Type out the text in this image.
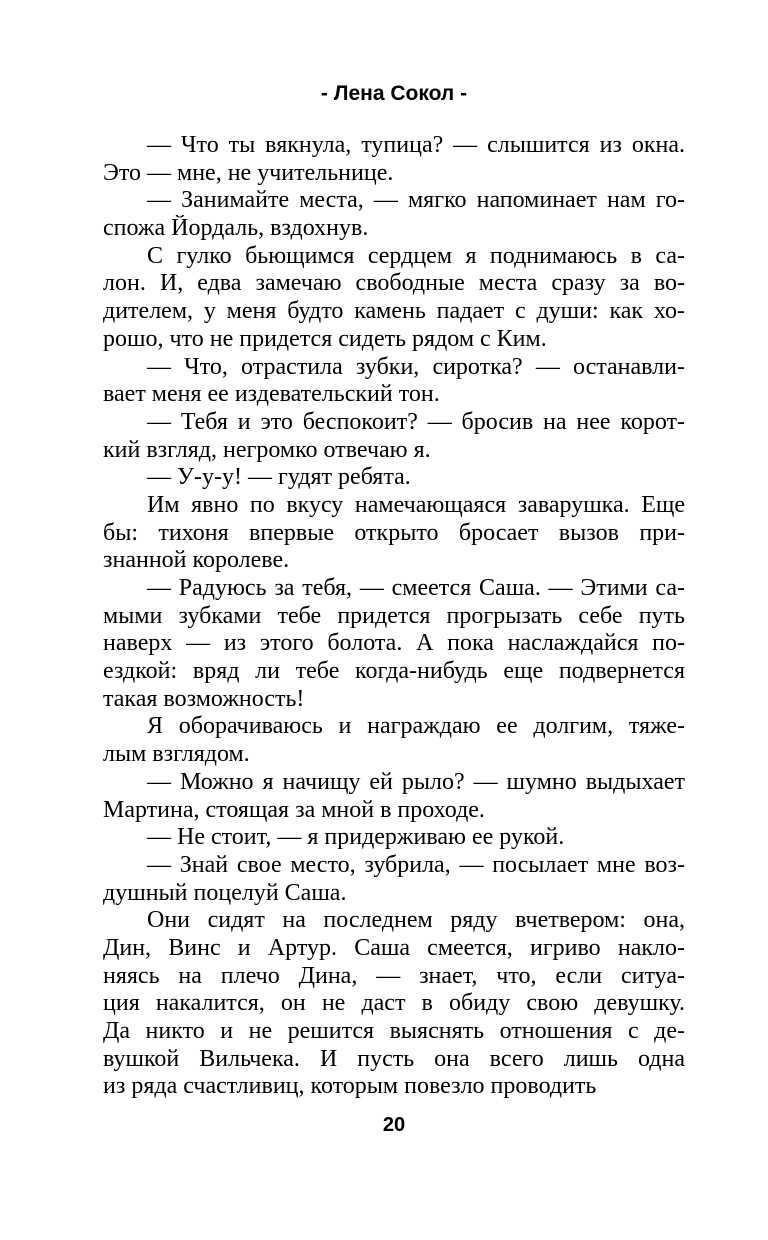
- Лена Сокол -
— Что ты вякнула, тупица? — слышится из окна.
Это — мне, не учительнице.
— Занимайте места, — мягко напоминает нам го-
спожа Йордаль, вздохнув.
С гулко бьющимся сердцем я поднимаюсь в са-
лон. И, едва замечаю свободные места сразу за во-
дителем, у меня будто камень падает с души: как хо-
рошо, что не придется сидеть рядом с Ким.
— Что, отрастила зубки, сиротка? — останавли-
вает меня ее издевательский тон.
— Тебя и это беспокоит? — бросив на нее корот-
кий взгляд, негромко отвечаю я.
— У-у-у! — гудят ребята.
Им явно по вкусу намечающаяся заварушка. Еще
бы: тихоня впервые открыто бросает вызов при-
знанной королеве.
— Радуюсь за тебя, — смеется Саша. — Этими са-
мыми зубками тебе придется прогрызать себе путь
наверх — из этого болота. А пока наслаждайся по-
ездкой: вряд ли тебе когда-нибудь еще подвернется
такая возможность!
Я оборачиваюсь и награждаю ее долгим, тяже-
лым взглядом.
— Можно я начищу ей рыло? — шумно выдыхает
Мартина, стоящая за мной в проходе.
— Не стоит, — я придерживаю ее рукой.
— Знай свое место, зубрила, — посылает мне воз-
душный поцелуй Саша.
Они сидят на последнем ряду вчетвером: она,
Дин, Винс и Артур. Саша смеется, игриво накло-
няясь на плечо Дина, — знает, что, если ситуа-
ция накалится, он не даст в обиду свою девушку.
Да никто и не решится выяснять отношения с де-
вушкой Вильчека. И пусть она всего лишь одна
из ряда счастливиц, которым повезло проводить
20
